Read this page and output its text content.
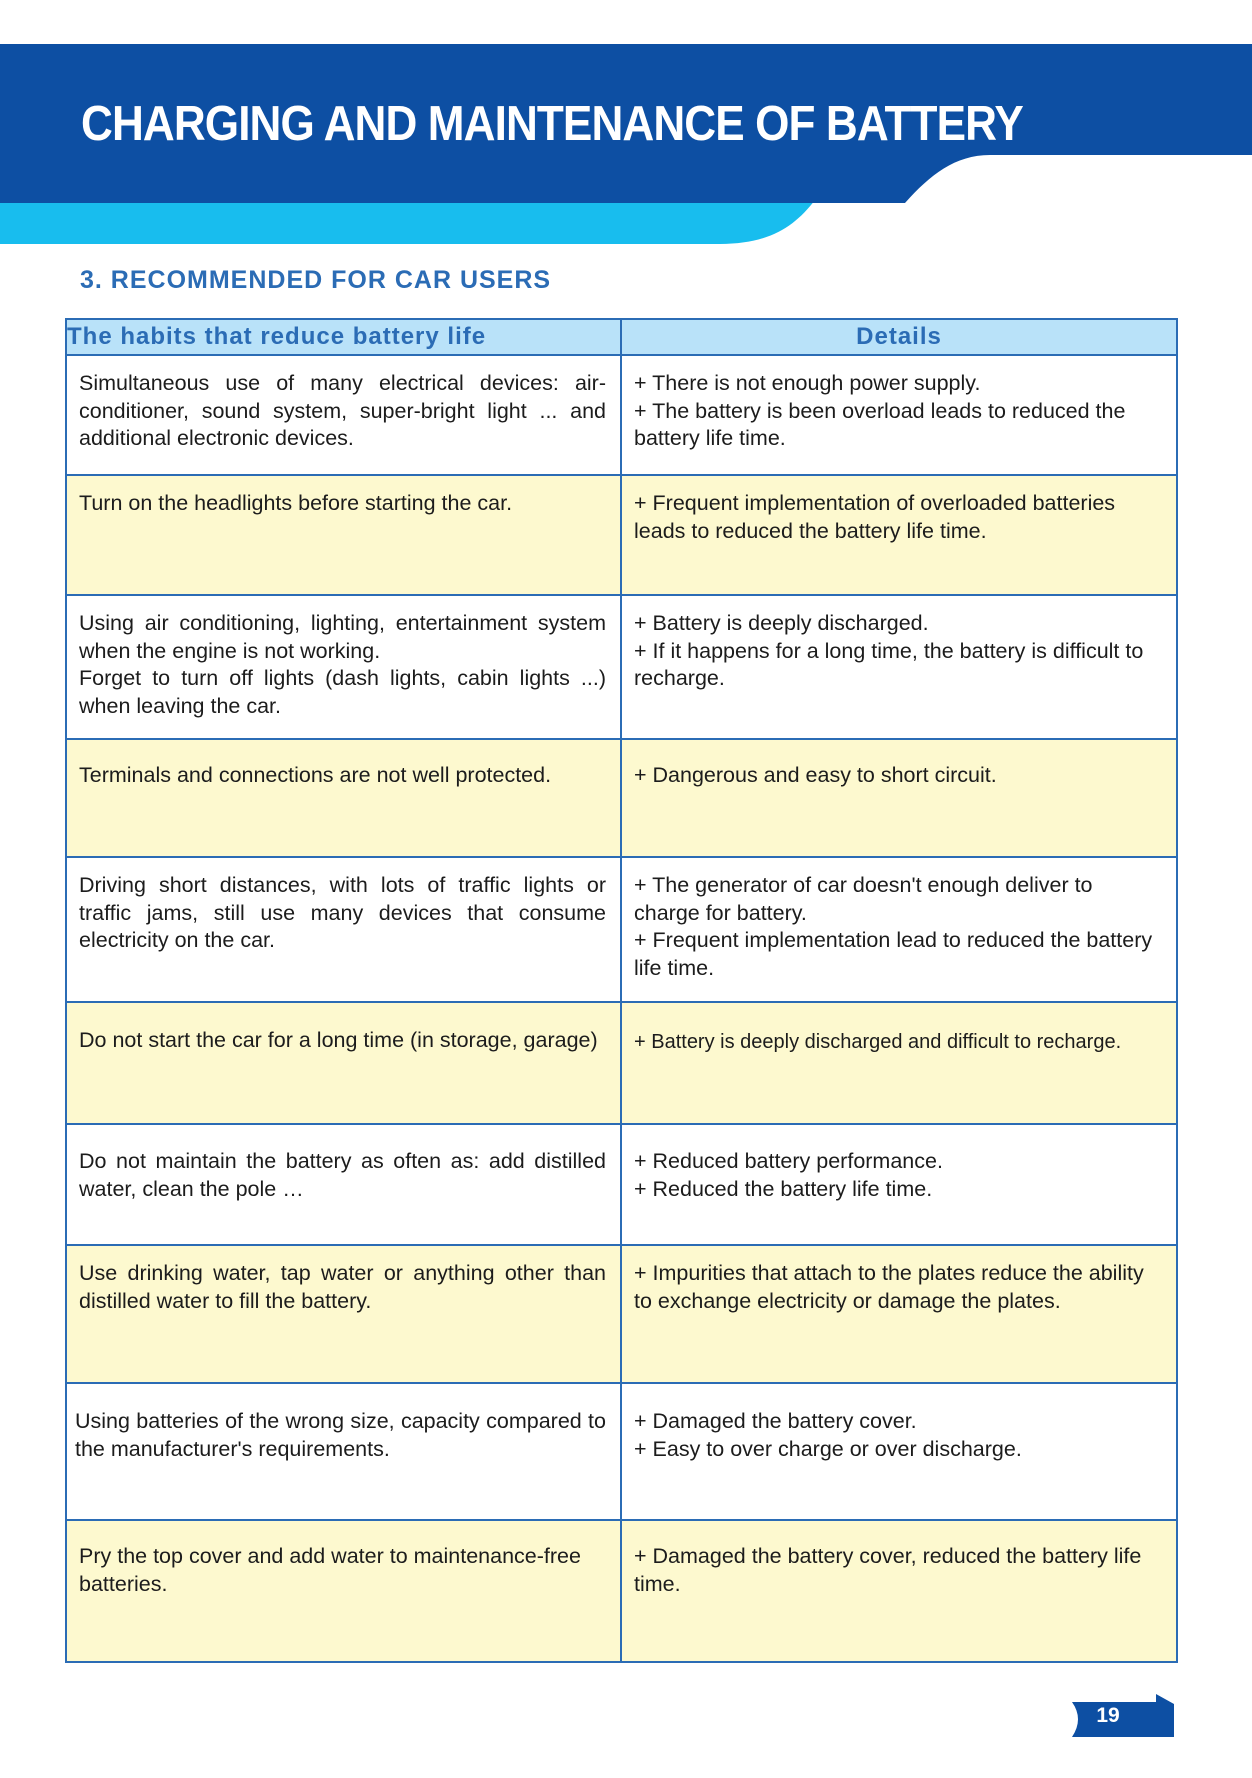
CHARGING AND MAINTENANCE OF BATTERY
3. RECOMMENDED FOR CAR USERS
The habits that reduce battery life	Details

Simultaneous use of many electrical devices: air-conditioner, sound system, super-bright light ... and additional electronic devices.	+ There is not enough power supply.
+ The battery is been overload leads to reduced the battery life time.

Turn on the headlights before starting the car.	+ Frequent implementation of overloaded batteries leads to reduced the battery life time.

Using air conditioning, lighting, entertainment system when the engine is not working.
Forget to turn off lights (dash lights, cabin lights ...) when leaving the car.	+ Battery is deeply discharged.
+ If it happens for a long time, the battery is difficult to recharge.

Terminals and connections are not well protected.	+ Dangerous and easy to short circuit.

Driving short distances, with lots of traffic lights or traffic jams, still use many devices that consume electricity on the car.	+ The generator of car doesn't enough deliver to charge for battery.
+ Frequent implementation lead to reduced the battery life time.

Do not start the car for a long time (in storage, garage)	+ Battery is deeply discharged and difficult to recharge.

Do not maintain the battery as often as: add distilled water, clean the pole …	+ Reduced battery performance.
+ Reduced the battery life time.

Use drinking water, tap water or anything other than distilled water to fill the battery.	+ Impurities that attach to the plates reduce the ability to exchange electricity or damage the plates.

Using batteries of the wrong size, capacity compared to the manufacturer's requirements.	+ Damaged the battery cover.
+ Easy to over charge or over discharge.

Pry the top cover and add water to maintenance-free batteries.	+ Damaged the battery cover, reduced the battery life time.
19
